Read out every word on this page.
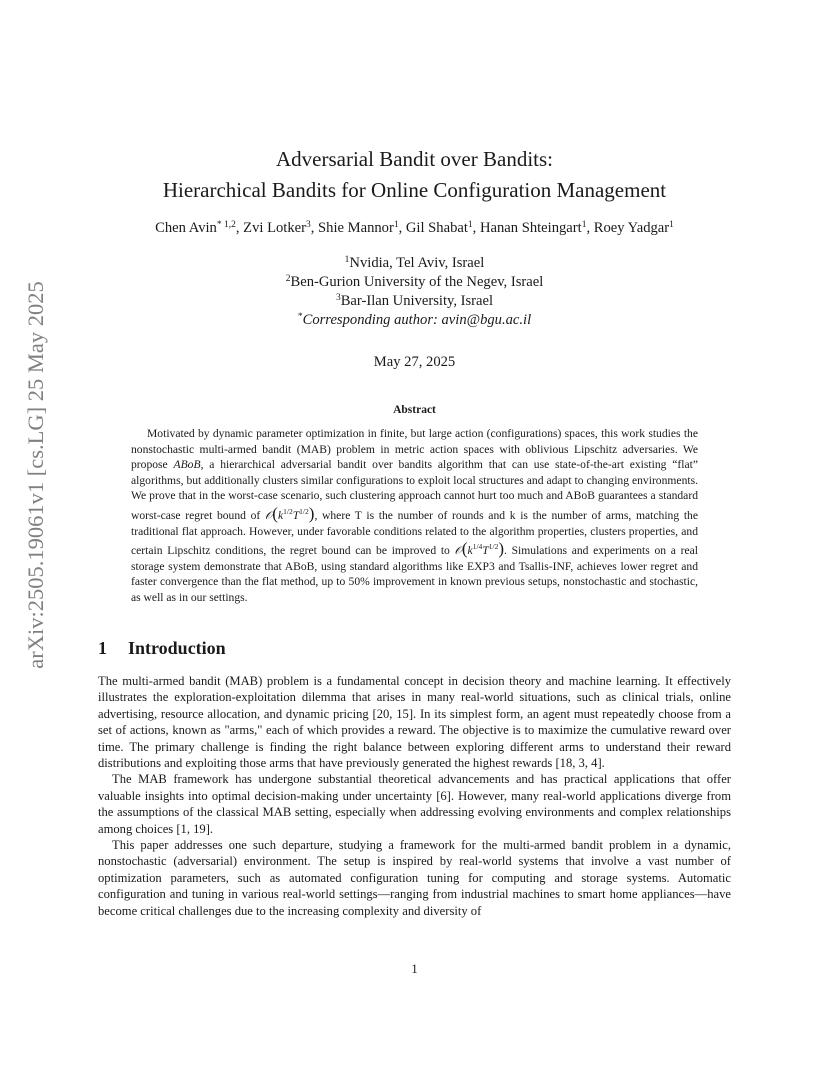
arXiv:2505.19061v1 [cs.LG] 25 May 2025
Adversarial Bandit over Bandits:
Hierarchical Bandits for Online Configuration Management
Chen Avin$^{* 1,2}$, Zvi Lotker$^3$, Shie Mannor$^1$, Gil Shabat$^1$, Hanan Shteingart$^1$, Roey Yadgar$^1$
$^1$Nvidia, Tel Aviv, Israel
$^2$Ben-Gurion University of the Negev, Israel
$^3$Bar-Ilan University, Israel
*Corresponding author: avin@bgu.ac.il
May 27, 2025
Abstract
Motivated by dynamic parameter optimization in finite, but large action (configurations) spaces, this work studies the nonstochastic multi-armed bandit (MAB) problem in metric action spaces with oblivious Lipschitz adversaries. We propose ABoB, a hierarchical adversarial bandit over bandits algorithm that can use state-of-the-art existing “flat” algorithms, but additionally clusters similar configurations to exploit local structures and adapt to changing environments. We prove that in the worst-case scenario, such clustering approach cannot hurt too much and ABoB guarantees a standard worst-case regret bound of $𝒪(k^{1/2}T^{1/2})$, where T is the number of rounds and k is the number of arms, matching the traditional flat approach. However, under favorable conditions related to the algorithm properties, clusters properties, and certain Lipschitz conditions, the regret bound can be improved to $𝒪(k^{1/4}T^{1/2})$. Simulations and experiments on a real storage system demonstrate that ABoB, using standard algorithms like EXP3 and Tsallis-INF, achieves lower regret and faster convergence than the flat method, up to 50% improvement in known previous setups, nonstochastic and stochastic, as well as in our settings.
1 Introduction

The multi-armed bandit (MAB) problem is a fundamental concept in decision theory and machine learning. It effectively illustrates the exploration-exploitation dilemma that arises in many real-world situations, such as clinical trials, online advertising, resource allocation, and dynamic pricing [20, 15]. In its simplest form, an agent must repeatedly choose from a set of actions, known as "arms," each of which provides a reward. The objective is to maximize the cumulative reward over time. The primary challenge is finding the right balance between exploring different arms to understand their reward distributions and exploiting those arms that have previously generated the highest rewards [18, 3, 4].

The MAB framework has undergone substantial theoretical advancements and has practical applications that offer valuable insights into optimal decision-making under uncertainty [6]. However, many real-world applications diverge from the assumptions of the classical MAB setting, especially when addressing evolving environments and complex relationships among choices [1, 19].

This paper addresses one such departure, studying a framework for the multi-armed bandit problem in a dynamic, nonstochastic (adversarial) environment. The setup is inspired by real-world systems that involve a vast number of optimization parameters, such as automated configuration tuning for computing and storage systems. Automatic configuration and tuning in various real-world settings—ranging from industrial machines to smart home appliances—have become critical challenges due to the increasing complexity and diversity of

1
